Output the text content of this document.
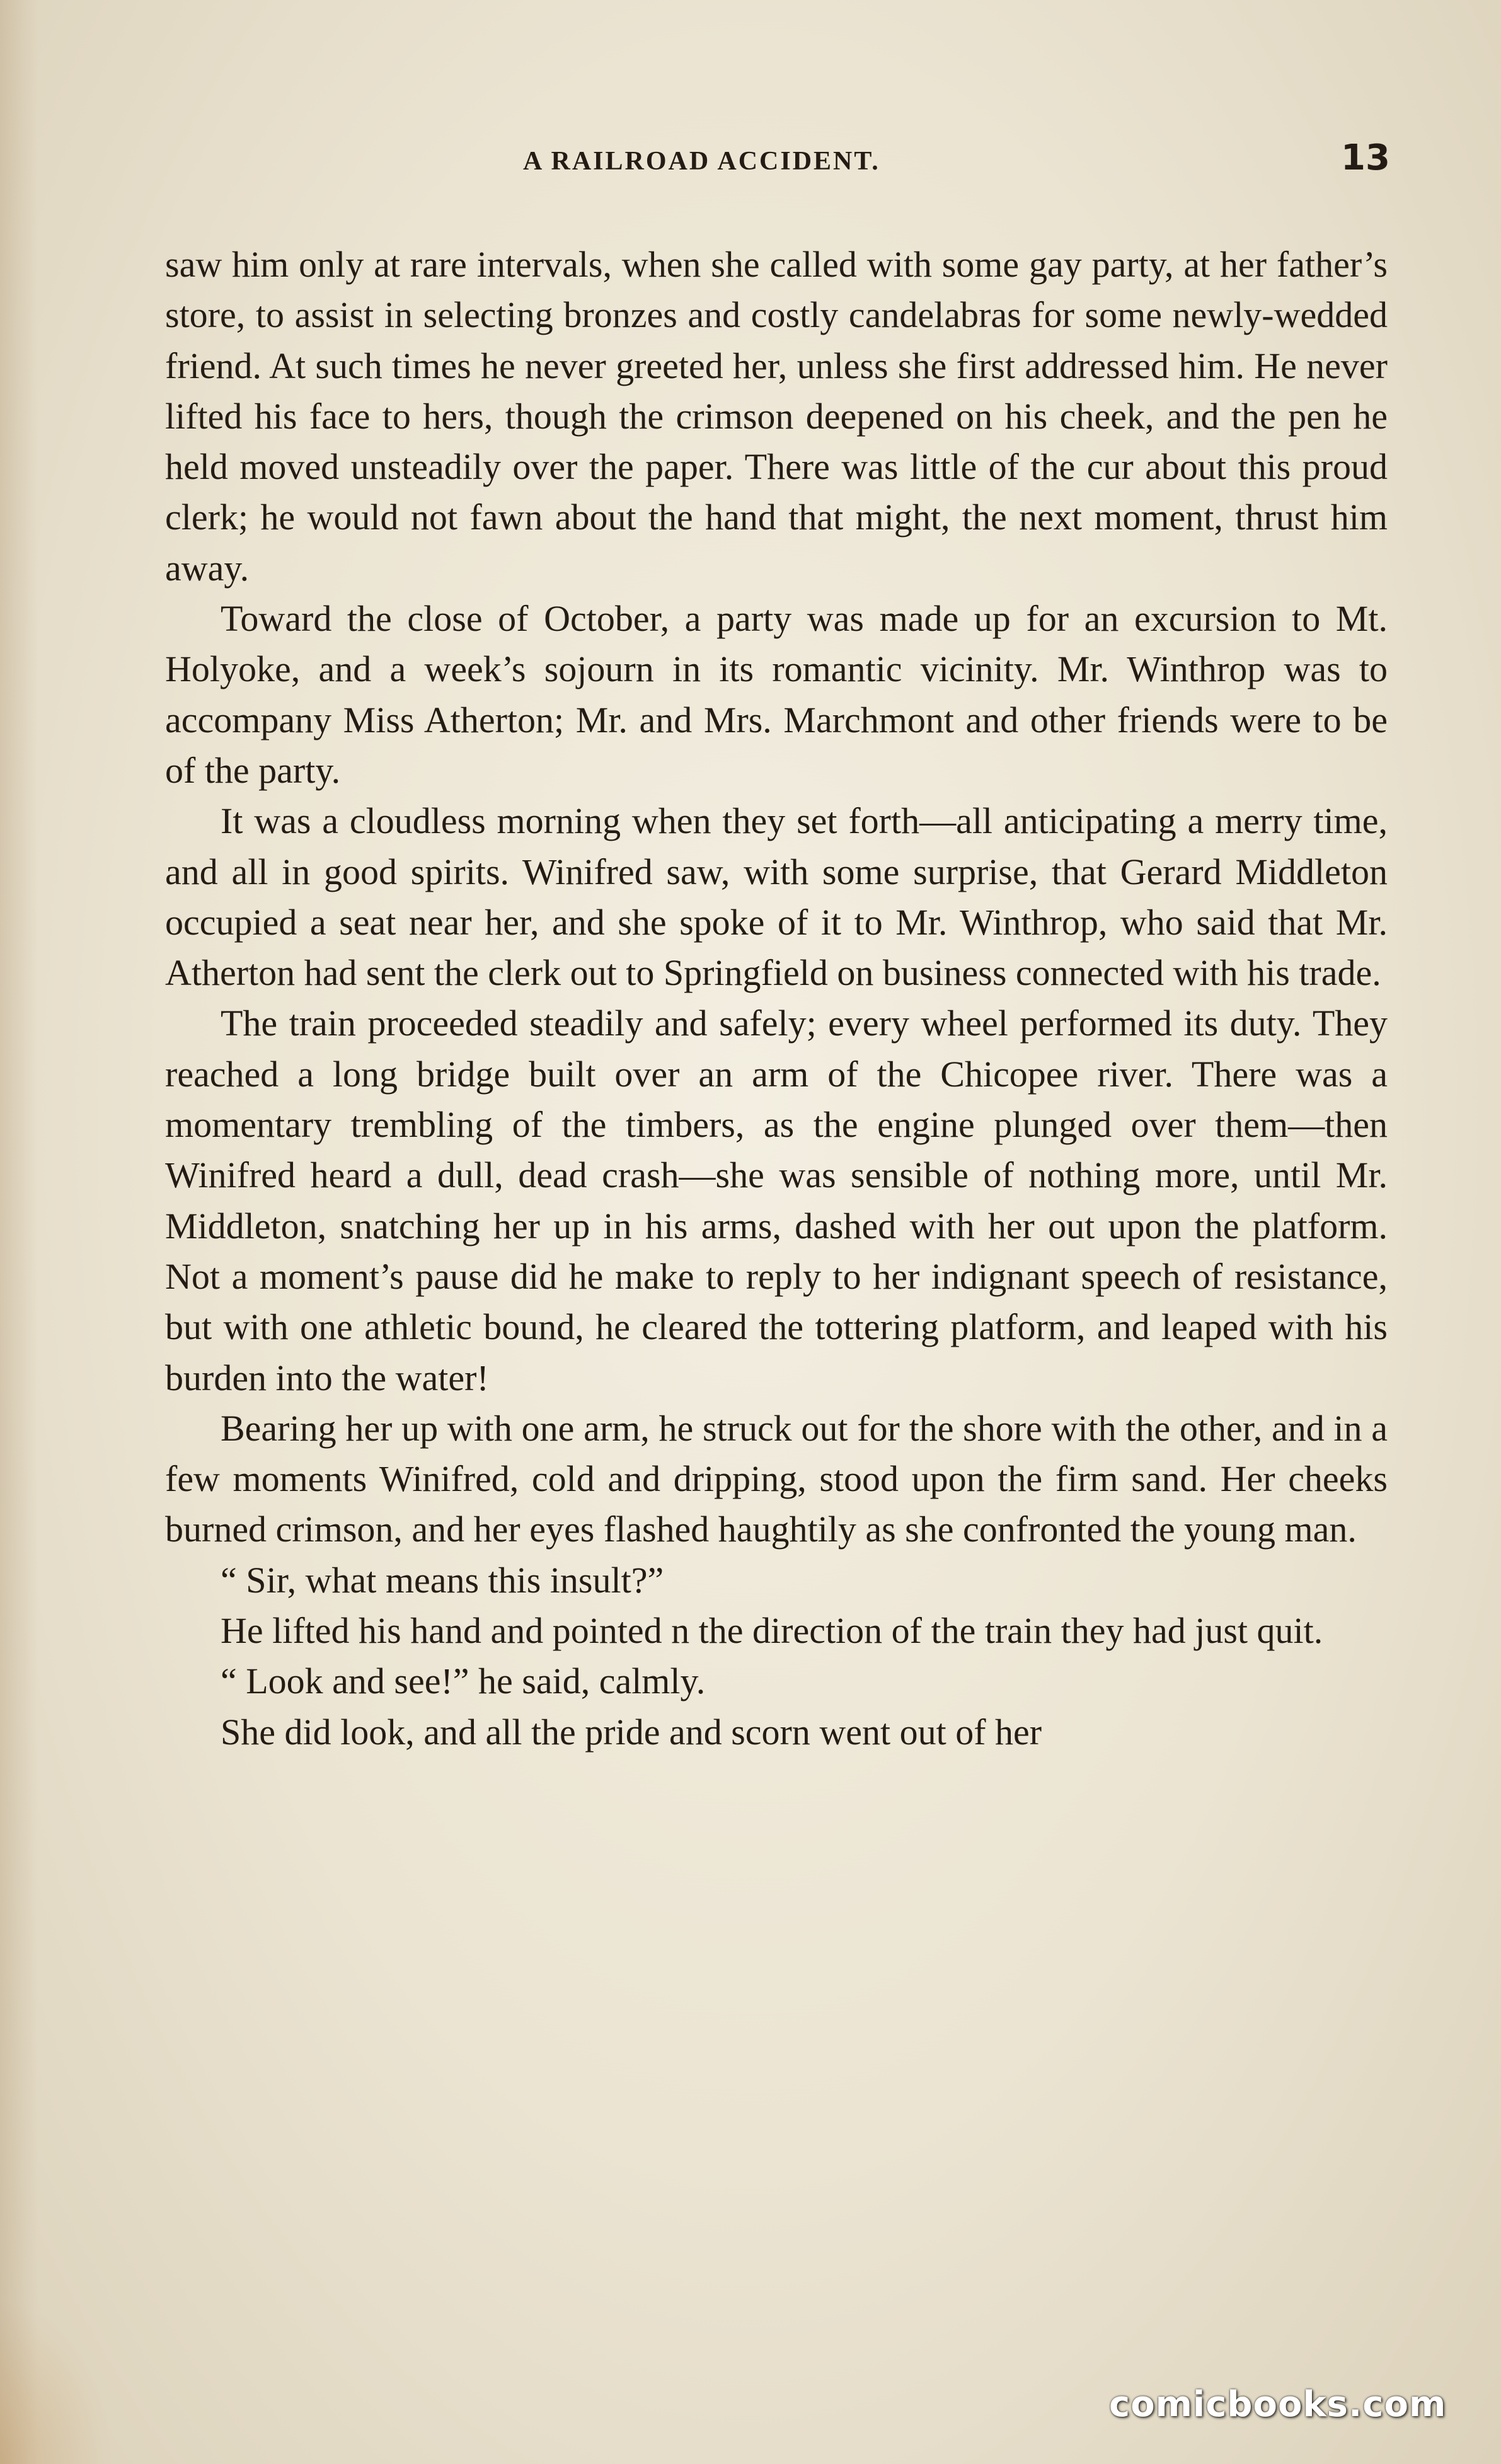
A RAILROAD ACCIDENT.	13

saw him only at rare intervals, when she called with some gay party, at her father’s store, to assist in selecting bronzes and costly candelabras for some newly-wedded friend. At such times he never greeted her, unless she first addressed him. He never lifted his face to hers, though the crimson deepened on his cheek, and the pen he held moved unsteadily over the paper. There was little of the cur about this proud clerk; he would not fawn about the hand that might, the next moment, thrust him away.

Toward the close of October, a party was made up for an excursion to Mt. Holyoke, and a week’s sojourn in its romantic vicinity. Mr. Winthrop was to accompany Miss Atherton; Mr. and Mrs. Marchmont and other friends were to be of the party.

It was a cloudless morning when they set forth—all anticipating a merry time, and all in good spirits. Winifred saw, with some surprise, that Gerard Middleton occupied a seat near her, and she spoke of it to Mr. Winthrop, who said that Mr. Atherton had sent the clerk out to Springfield on business connected with his trade.

The train proceeded steadily and safely; every wheel performed its duty. They reached a long bridge built over an arm of the Chicopee river. There was a momentary trembling of the timbers, as the engine plunged over them—then Winifred heard a dull, dead crash—she was sensible of nothing more, until Mr. Middleton, snatching her up in his arms, dashed with her out upon the platform. Not a moment’s pause did he make to reply to her indignant speech of resistance, but with one athletic bound, he cleared the tottering platform, and leaped with his burden into the water!

Bearing her up with one arm, he struck out for the shore with the other, and in a few moments Winifred, cold and dripping, stood upon the firm sand. Her cheeks burned crimson, and her eyes flashed haughtily as she confronted the young man.

“ Sir, what means this insult?”

He lifted his hand and pointed n the direction of the train they had just quit.

“ Look and see!” he said, calmly.

She did look, and all the pride and scorn went out of her

comicbooks.com
